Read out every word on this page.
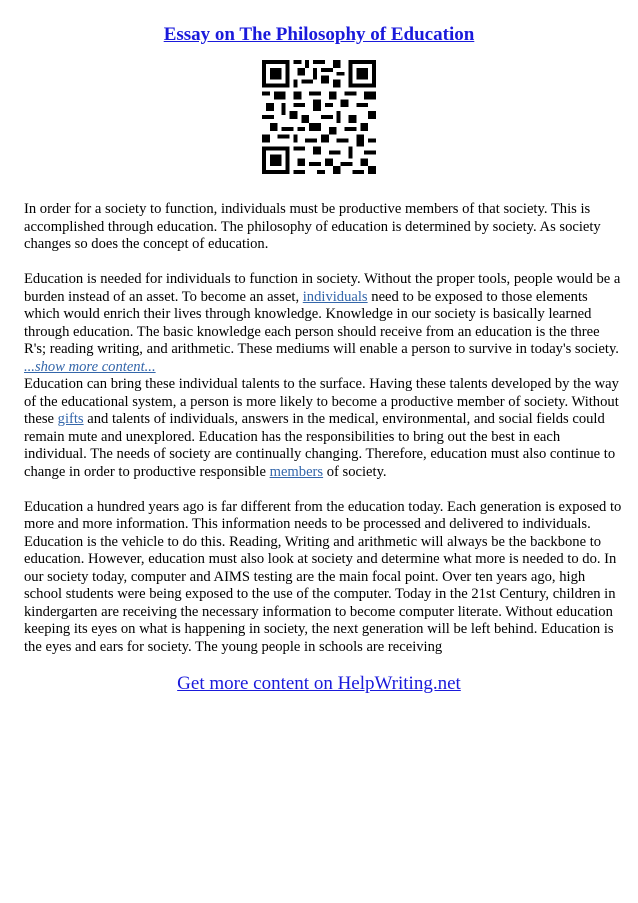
Essay on The Philosophy of Education

In order for a society to function, individuals must be productive members of that society. This is accomplished through education. The philosophy of education is determined by society. As society changes so does the concept of education.

Education is needed for individuals to function in society. Without the proper tools, people would be a burden instead of an asset. To become an asset, individuals need to be exposed to those elements which would enrich their lives through knowledge. Knowledge in our society is basically learned through education. The basic knowledge each person should receive from an education is the three R's; reading writing, and arithmetic. These mediums will enable a person to survive in today's society.

...show more content...

Education can bring these individual talents to the surface. Having these talents developed by the way of the educational system, a person is more likely to become a productive member of society. Without these gifts and talents of individuals, answers in the medical, environmental, and social fields could remain mute and unexplored. Education has the responsibilities to bring out the best in each individual. The needs of society are continually changing. Therefore, education must also continue to change in order to productive responsible members of society.

Education a hundred years ago is far different from the education today. Each generation is exposed to more and more information. This information needs to be processed and delivered to individuals. Education is the vehicle to do this. Reading, Writing and arithmetic will always be the backbone to education. However, education must also look at society and determine what more is needed to do. In our society today, computer and AIMS testing are the main focal point. Over ten years ago, high school students were being exposed to the use of the computer. Today in the 21st Century, children in kindergarten are receiving the necessary information to become computer literate. Without education keeping its eyes on what is happening in society, the next generation will be left behind. Education is the eyes and ears for society. The young people in schools are receiving

Get more content on HelpWriting.net
